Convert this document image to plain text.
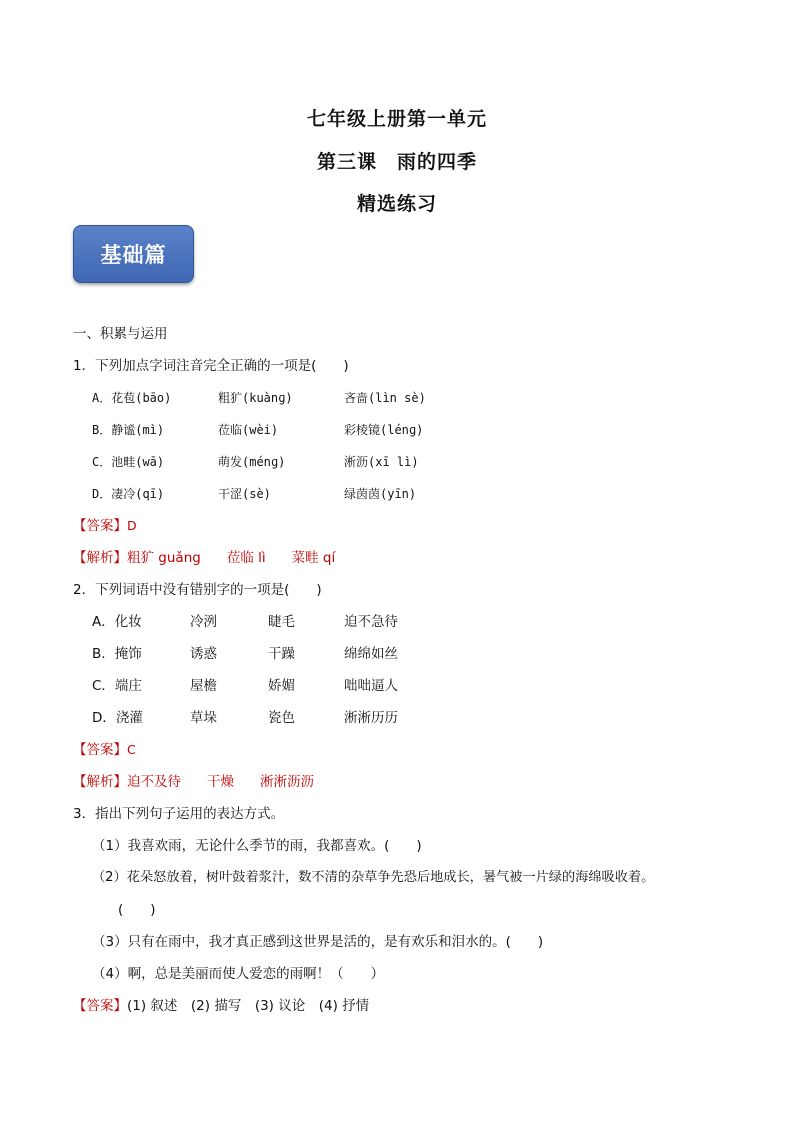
七年级上册第一单元
第三课　雨的四季
精选练习
基础篇
一、积累与运用
1．下列加点字词注音完全正确的一项是(　　)
A．花苞(bāo)	粗犷(kuànɡ)	吝啬(lìn sè)
B．静谧(mì)	莅临(wèi)	彩棱镜(lénɡ)
C．池畦(wā)	萌发(ménɡ)	淅沥(xī lì)
D．凄冷(qī)	干涩(sè)	绿茵茵(yīn)
【答案】D
【解析】粗犷 guǎng 莅临 lì 菜畦 qí
2．下列词语中没有错别字的一项是(　　)
A．化妆	冷洌	睫毛	迫不急待
B．掩饰	诱惑	干躁	绵绵如丝
C．端庄	屋檐	娇媚	咄咄逼人
D．浇灌	草垛	瓷色	淅淅历历
【答案】C
【解析】迫不及待 干燥 淅淅沥沥
3．指出下列句子运用的表达方式。
（1）我喜欢雨，无论什么季节的雨，我都喜欢。(　　)
（2）花朵怒放着，树叶鼓着浆汁，数不清的杂草争先恐后地成长，暑气被一片绿的海绵吸收着。
(　　)
（3）只有在雨中，我才真正感到这世界是活的，是有欢乐和泪水的。(　　)
（4）啊，总是美丽而使人爱恋的雨啊！（　　）
【答案】(1) 叙述　(2) 描写　(3) 议论　(4) 抒情
